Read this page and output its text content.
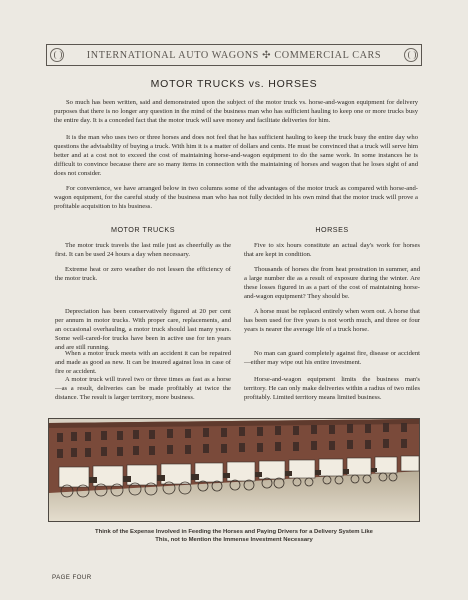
INTERNATIONAL AUTO WAGONS ✣ COMMERCIAL CARS
MOTOR TRUCKS vs. HORSES

So much has been written, said and demonstrated upon the subject of the motor truck vs. horse-and-wagon equipment for delivery purposes that there is no longer any question in the mind of the business man who has sufficient hauling to keep one or more trucks busy the entire day. It is a conceded fact that the motor truck will save money and facilitate deliveries for him.

It is the man who uses two or three horses and does not feel that he has sufficient hauling to keep the truck busy the entire day who questions the advisability of buying a truck. With him it is a matter of dollars and cents. He must be convinced that a truck will serve him better and at a cost not to exceed the cost of maintaining horse-and-wagon equipment to do the same work. In some instances he is difficult to convince because there are so many items in connection with the maintaining of horses and wagon that he loses sight of and does not consider.

For convenience, we have arranged below in two columns some of the advantages of the motor truck as compared with horse-and-wagon equipment, for the careful study of the business man who has not fully decided in his own mind that the motor truck will prove a profitable acquisition to his business.

MOTOR TRUCKS	HORSES

The motor truck travels the last mile just as cheerfully as the first. It can be used 24 hours a day when necessary.

Extreme heat or zero weather do not lessen the efficiency of the motor truck.

Depreciation has been conservatively figured at 20 per cent per annum in motor trucks. With proper care, replacements, and an occasional overhauling, a motor truck should last many years. Some well-cared-for trucks have been in active use for ten years and are still running.

When a motor truck meets with an accident it can be repaired and made as good as new. It can be insured against loss in case of fire or accident.

A motor truck will travel two or three times as fast as a horse—as a result, deliveries can be made profitably at twice the distance. The result is larger territory, more business.

Five to six hours constitute an actual day's work for horses that are kept in condition.

Thousands of horses die from heat prostration in summer, and a large number die as a result of exposure during the winter. Are these losses figured in as a part of the cost of maintaining horse-and-wagon equipment? They should be.

A horse must be replaced entirely when worn out. A horse that has been used for five years is not worth much, and three or four years is nearer the average life of a truck horse.

No man can guard completely against fire, disease or accident—either may wipe out his entire investment.

Horse-and-wagon equipment limits the business man's territory. He can only make deliveries within a radius of two miles profitably. Limited territory means limited business.

Think of the Expense Involved in Feeding the Horses and Paying Drivers for a Delivery System Like
This, not to Mention the Immense Investment Necessary
PAGE FOUR
